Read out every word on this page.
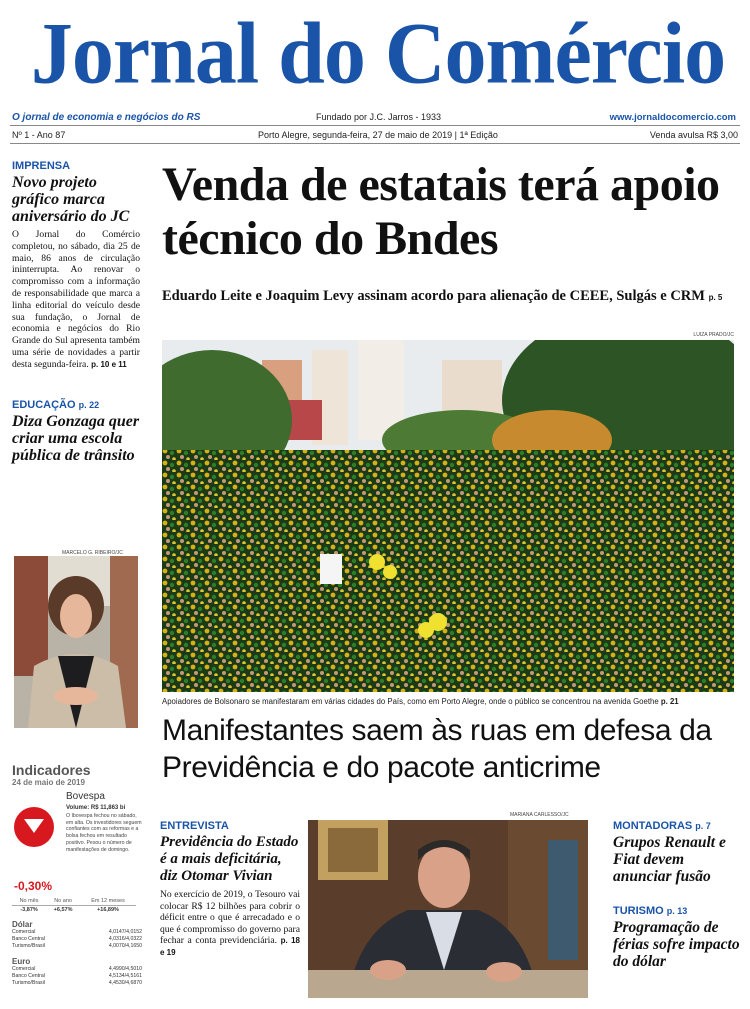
Jornal do Comércio
O jornal de economia e negócios do RS	Fundado por J.C. Jarros - 1933	www.jornaldocomercio.com
Nº 1 - Ano 87	Porto Alegre, segunda-feira, 27 de maio de 2019 | 1ª Edição	Venda avulsa R$ 3,00
IMPRENSA
Novo projeto gráfico marca aniversário do JC
O Jornal do Comércio completou, no sábado, dia 25 de maio, 86 anos de circulação ininterrupta. Ao renovar o compromisso com a informação de responsabilidade que marca a linha editorial do veículo desde sua fundação, o Jornal de economia e negócios do Rio Grande do Sul apresenta também uma série de novidades a partir desta segunda-feira. p. 10 e 11
EDUCAÇÃO p. 22
Diza Gonzaga quer criar uma escola pública de trânsito
MARCELO G. RIBEIRO/JC
Indicadores
24 de maio de 2019
-0,30%
Bovespa
Volume: R$ 11,863 bi
O Ibovespa fechou no sábado, em alta. Os investidores seguem confiantes com as reformas e a bolsa fechou em resultado positivo. Pesou o número de manifestações de domingo.
No mês	No ano	Em 12 meses
-3,87%	+6,57%	+16,89%
Dólar
Comercial	4,0147/4,0152
Banco Central	4,0316/4,0322
Turismo/Brasil	4,0070/4,1650
Euro
Comercial	4,4990/4,5010
Banco Central	4,5134/4,5161
Turismo/Brasil	4,4530/4,6870
Venda de estatais terá apoio técnico do Bndes
Eduardo Leite e Joaquim Levy assinam acordo para alienação de CEEE, Sulgás e CRM p. 5
LUIZA PRADO/JC
Apoiadores de Bolsonaro se manifestaram em várias cidades do País, como em Porto Alegre, onde o público se concentrou na avenida Goethe p. 21
Manifestantes saem às ruas em defesa da Previdência e do pacote anticrime
ENTREVISTA
Previdência do Estado é a mais deficitária, diz Otomar Vivian
No exercício de 2019, o Tesouro vai colocar R$ 12 bilhões para cobrir o déficit entre o que é arrecadado e o que é compromisso do governo para fechar a conta previdenciária. p. 18 e 19
MARIANA CARLESSO/JC
MONTADORAS p. 7
Grupos Renault e Fiat devem anunciar fusão
TURISMO p. 13
Programação de férias sofre impacto do dólar
